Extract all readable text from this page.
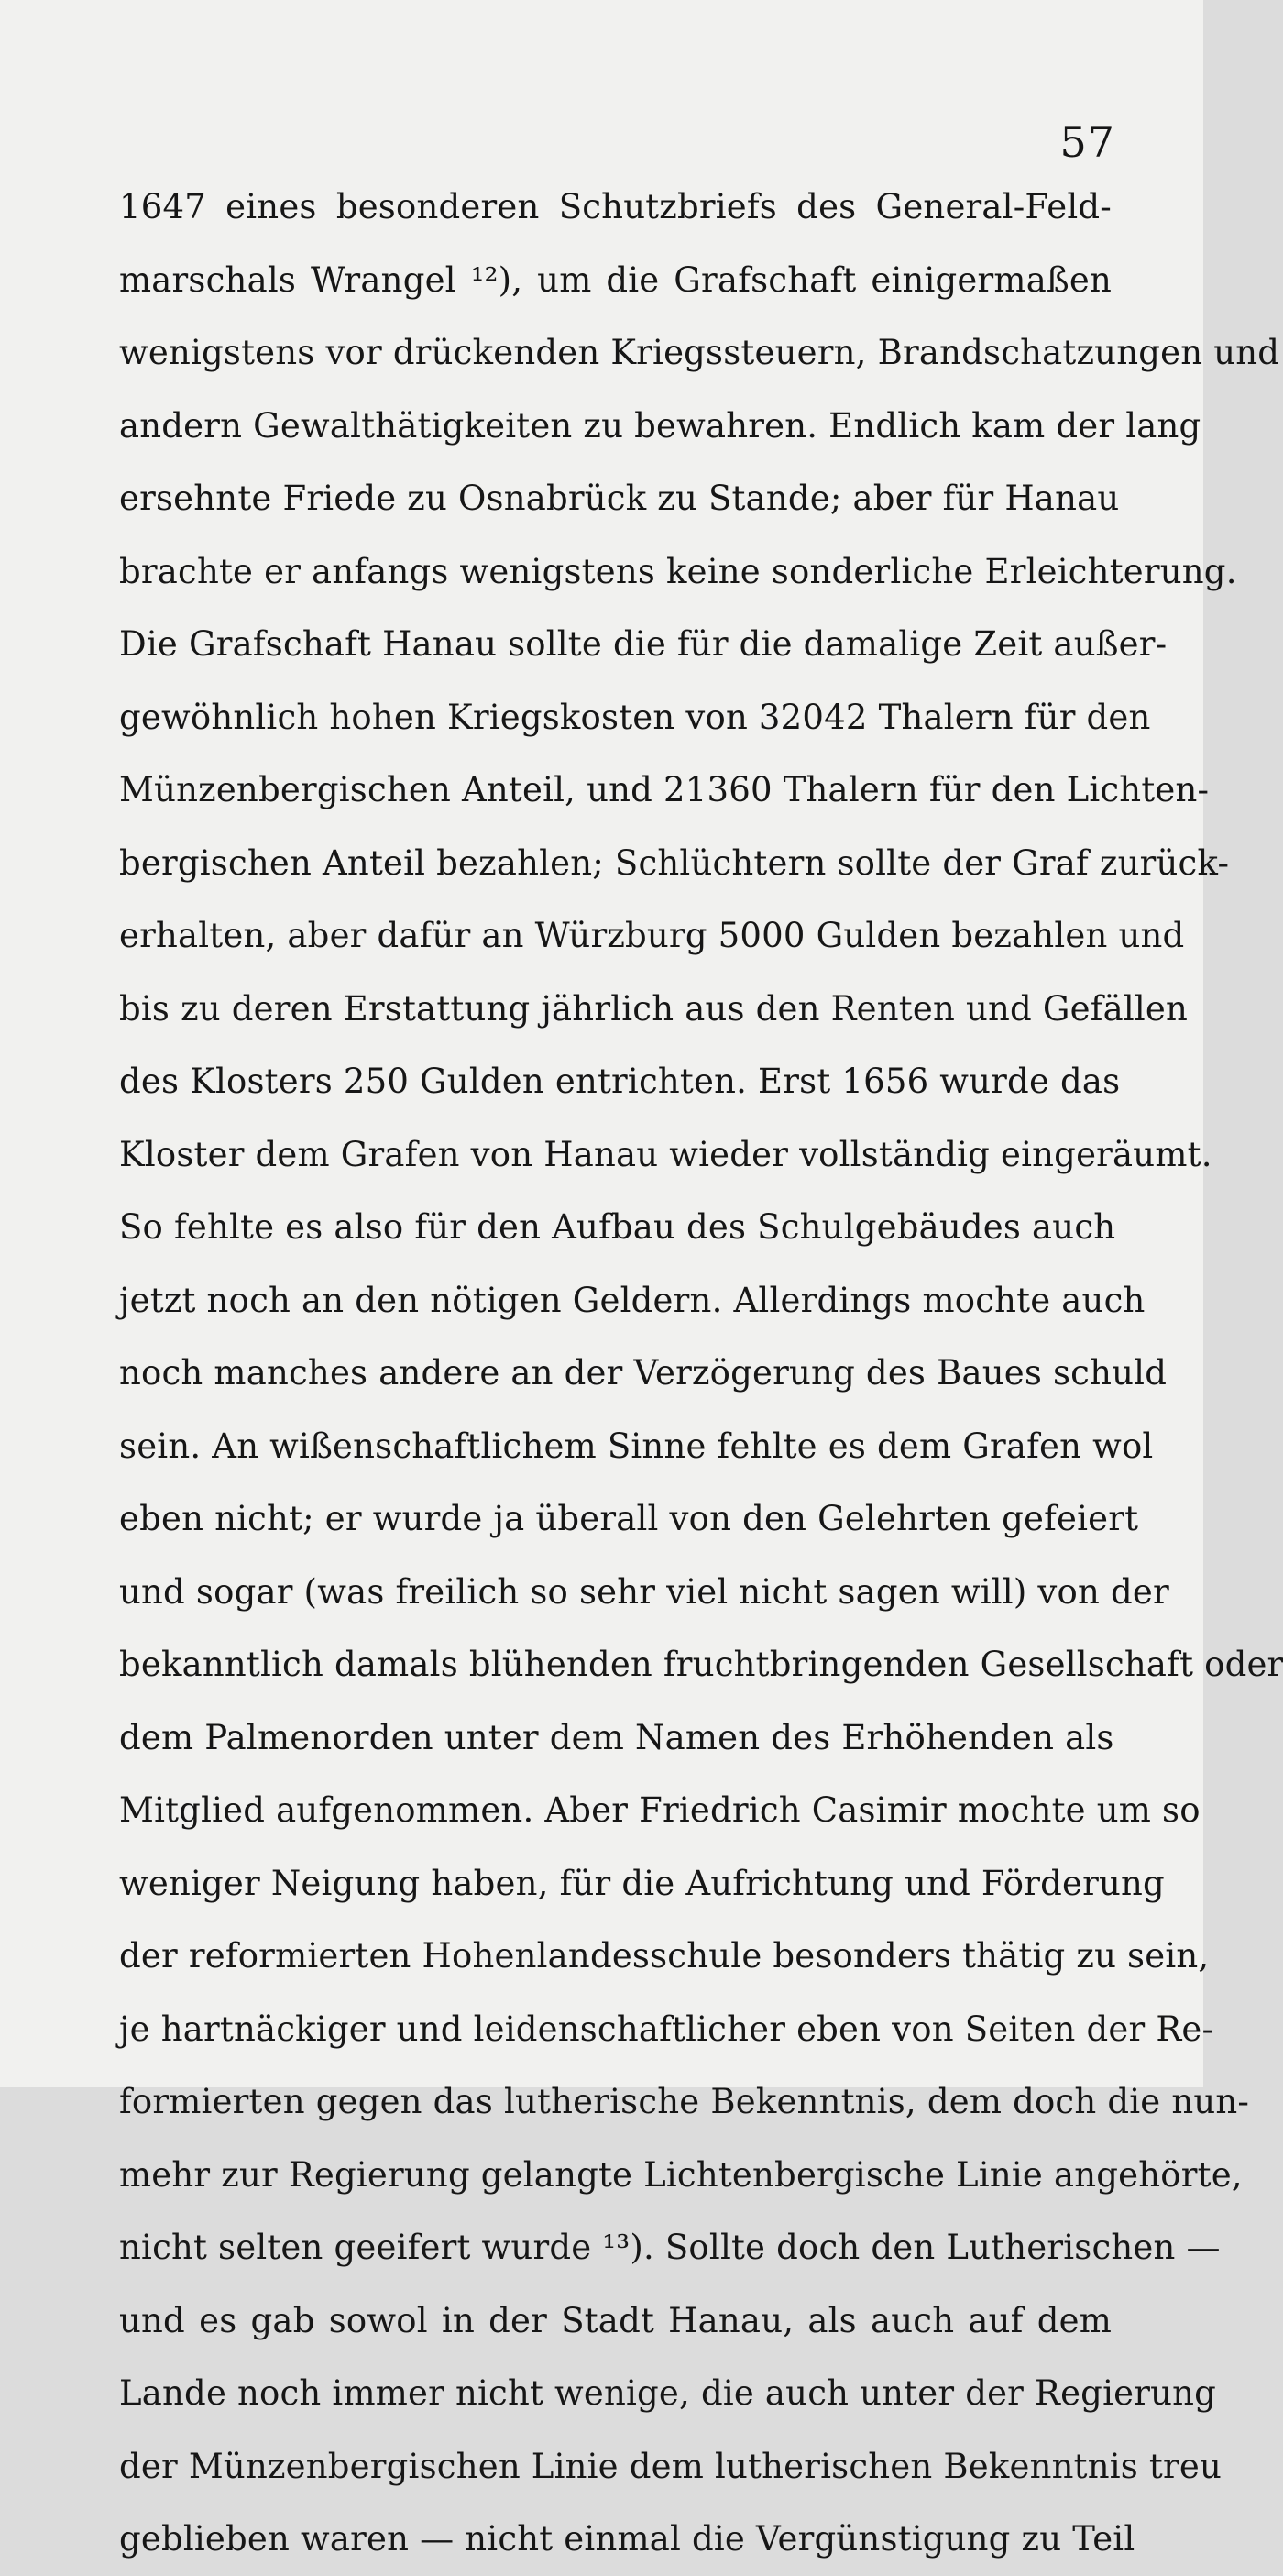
57
1647 eines besonderen Schutzbriefs des General-Feld-
marschals Wrangel ¹²), um die Grafschaft einigermaßen
wenigstens vor drückenden Kriegssteuern, Brandschatzungen und
andern Gewalthätigkeiten zu bewahren. Endlich kam der lang
ersehnte Friede zu Osnabrück zu Stande; aber für Hanau
brachte er anfangs wenigstens keine sonderliche Erleichterung.
Die Grafschaft Hanau sollte die für die damalige Zeit außer-
gewöhnlich hohen Kriegskosten von 32042 Thalern für den
Münzenbergischen Anteil, und 21360 Thalern für den Lichten-
bergischen Anteil bezahlen; Schlüchtern sollte der Graf zurück-
erhalten, aber dafür an Würzburg 5000 Gulden bezahlen und
bis zu deren Erstattung jährlich aus den Renten und Gefällen
des Klosters 250 Gulden entrichten. Erst 1656 wurde das
Kloster dem Grafen von Hanau wieder vollständig eingeräumt.
So fehlte es also für den Aufbau des Schulgebäudes auch
jetzt noch an den nötigen Geldern. Allerdings mochte auch
noch manches andere an der Verzögerung des Baues schuld
sein. An wißenschaftlichem Sinne fehlte es dem Grafen wol
eben nicht; er wurde ja überall von den Gelehrten gefeiert
und sogar (was freilich so sehr viel nicht sagen will) von der
bekanntlich damals blühenden fruchtbringenden Gesellschaft oder
dem Palmenorden unter dem Namen des Erhöhenden als
Mitglied aufgenommen. Aber Friedrich Casimir mochte um so
weniger Neigung haben, für die Aufrichtung und Förderung
der reformierten Hohenlandesschule besonders thätig zu sein,
je hartnäckiger und leidenschaftlicher eben von Seiten der Re-
formierten gegen das lutherische Bekenntnis, dem doch die nun-
mehr zur Regierung gelangte Lichtenbergische Linie angehörte,
nicht selten geeifert wurde ¹³). Sollte doch den Lutherischen —
und es gab sowol in der Stadt Hanau, als auch auf dem
Lande noch immer nicht wenige, die auch unter der Regierung
der Münzenbergischen Linie dem lutherischen Bekenntnis treu
geblieben waren — nicht einmal die Vergünstigung zu Teil
